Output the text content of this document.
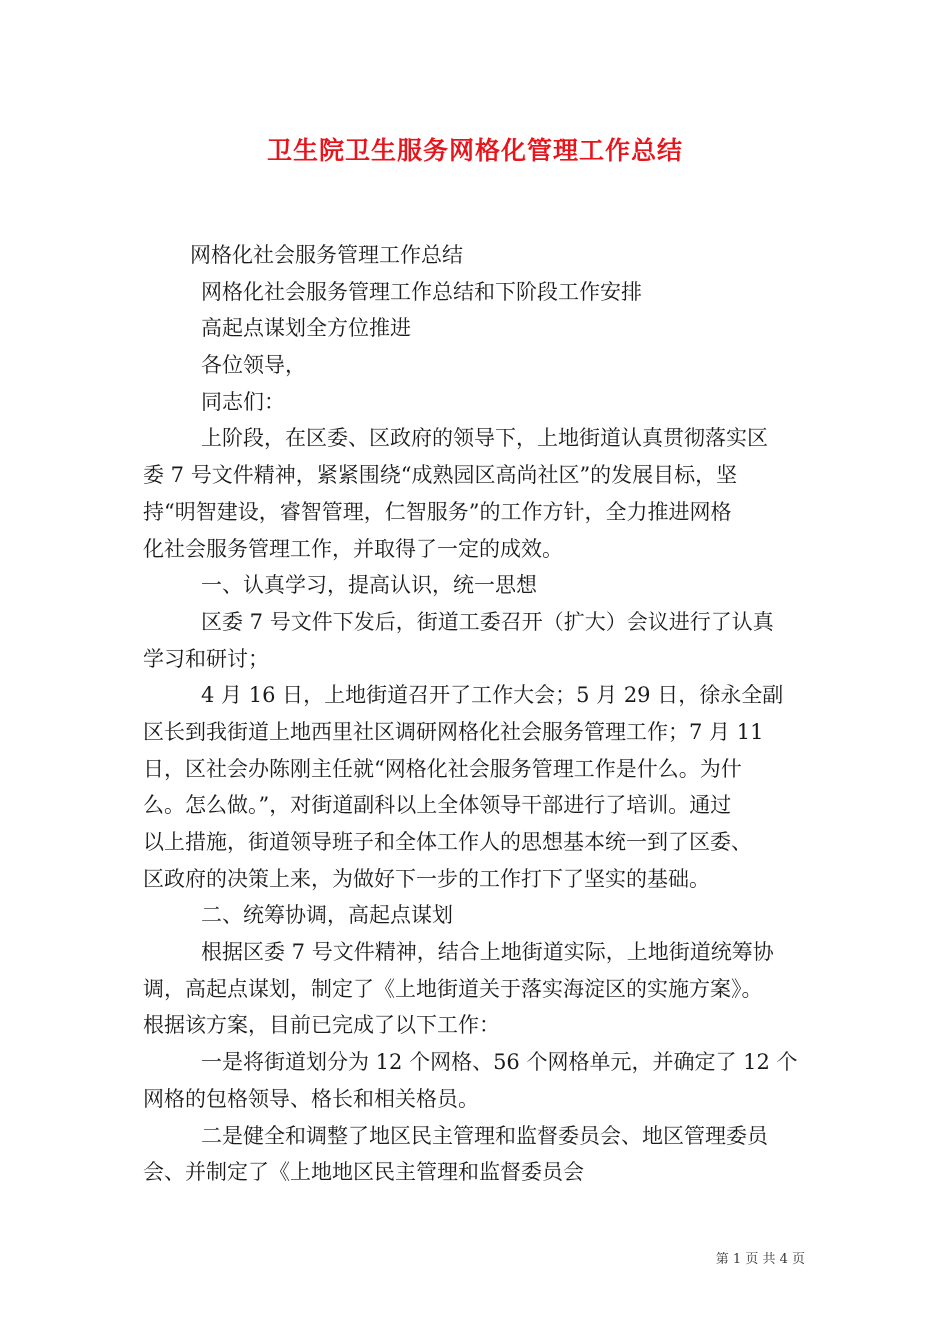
卫生院卫生服务网格化管理工作总结
网格化社会服务管理工作总结
网格化社会服务管理工作总结和下阶段工作安排
高起点谋划全方位推进
各位领导，
同志们：
上阶段，在区委、区政府的领导下，上地街道认真贯彻落实区
委 7 号文件精神，紧紧围绕“成熟园区高尚社区”的发展目标，坚
持“明智建设，睿智管理，仁智服务”的工作方针，全力推进网格
化社会服务管理工作，并取得了一定的成效。
一、认真学习，提高认识，统一思想
区委 7 号文件下发后，街道工委召开（扩大）会议进行了认真
学习和研讨；
4 月 16 日，上地街道召开了工作大会；5 月 29 日，徐永全副
区长到我街道上地西里社区调研网格化社会服务管理工作；7 月 11
日，区社会办陈刚主任就“网格化社会服务管理工作是什么。为什
么。怎么做。”，对街道副科以上全体领导干部进行了培训。通过
以上措施，街道领导班子和全体工作人的思想基本统一到了区委、
区政府的决策上来，为做好下一步的工作打下了坚实的基础。
二、统筹协调，高起点谋划
根据区委 7 号文件精神，结合上地街道实际，上地街道统筹协
调，高起点谋划，制定了《上地街道关于落实海淀区的实施方案》。
根据该方案，目前已完成了以下工作：
一是将街道划分为 12 个网格、56 个网格单元，并确定了 12 个
网格的包格领导、格长和相关格员。
二是健全和调整了地区民主管理和监督委员会、地区管理委员
会、并制定了《上地地区民主管理和监督委员会
第 1 页 共 4 页
